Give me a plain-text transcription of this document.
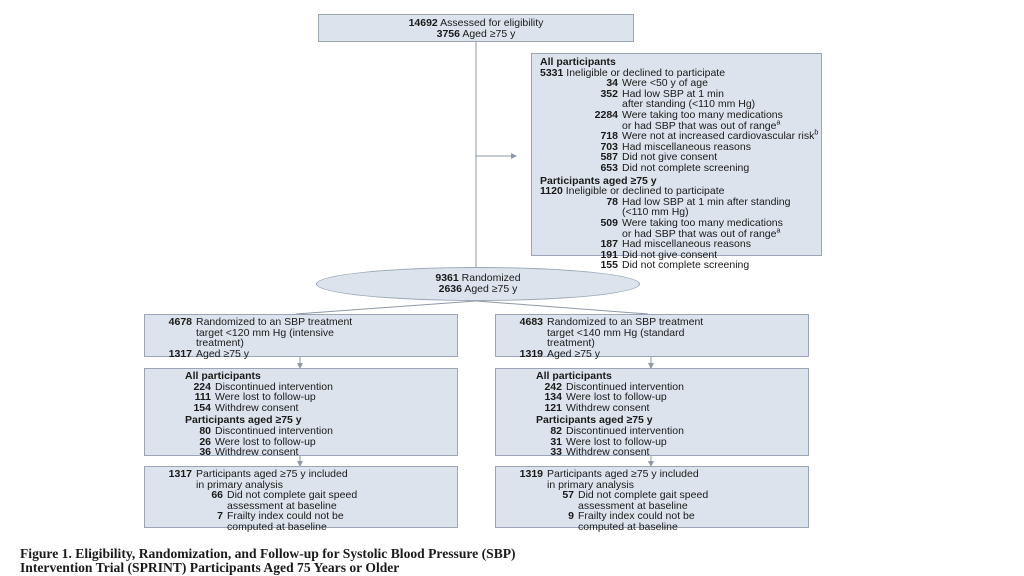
14692 Assessed for eligibility
3756 Aged ≥75 y
All participants
5331 Ineligible or declined to participate
34 Were <50 y of age
352 Had low SBP at 1 min
after standing (<110 mm Hg)
2284 Were taking too many medications
or had SBP that was out of range$^a$
718 Were not at increased cardiovascular risk$^b$
703 Had miscellaneous reasons
587 Did not give consent
653 Did not complete screening
Participants aged ≥75 y
1120 Ineligible or declined to participate
78 Had low SBP at 1 min after standing
(<110 mm Hg)
509 Were taking too many medications
or had SBP that was out of range$^a$
187 Had miscellaneous reasons
191 Did not give consent
155 Did not complete screening
9361 Randomized
2636 Aged ≥75 y
4678 Randomized to an SBP treatment
target <120 mm Hg (intensive
treatment)
1317 Aged ≥75 y
All participants
224 Discontinued intervention
111 Were lost to follow-up
154 Withdrew consent
Participants aged ≥75 y
80 Discontinued intervention
26 Were lost to follow-up
36 Withdrew consent
1317 Participants aged ≥75 y included
in primary analysis
66 Did not complete gait speed
assessment at baseline
7 Frailty index could not be
computed at baseline
4683 Randomized to an SBP treatment
target <140 mm Hg (standard
treatment)
1319 Aged ≥75 y
All participants
242 Discontinued intervention
134 Were lost to follow-up
121 Withdrew consent
Participants aged ≥75 y
82 Discontinued intervention
31 Were lost to follow-up
33 Withdrew consent
1319 Participants aged ≥75 y included
in primary analysis
57 Did not complete gait speed
assessment at baseline
9 Frailty index could not be
computed at baseline
Figure 1. Eligibility, Randomization, and Follow-up for Systolic Blood Pressure (SBP)
Intervention Trial (SPRINT) Participants Aged 75 Years or Older
